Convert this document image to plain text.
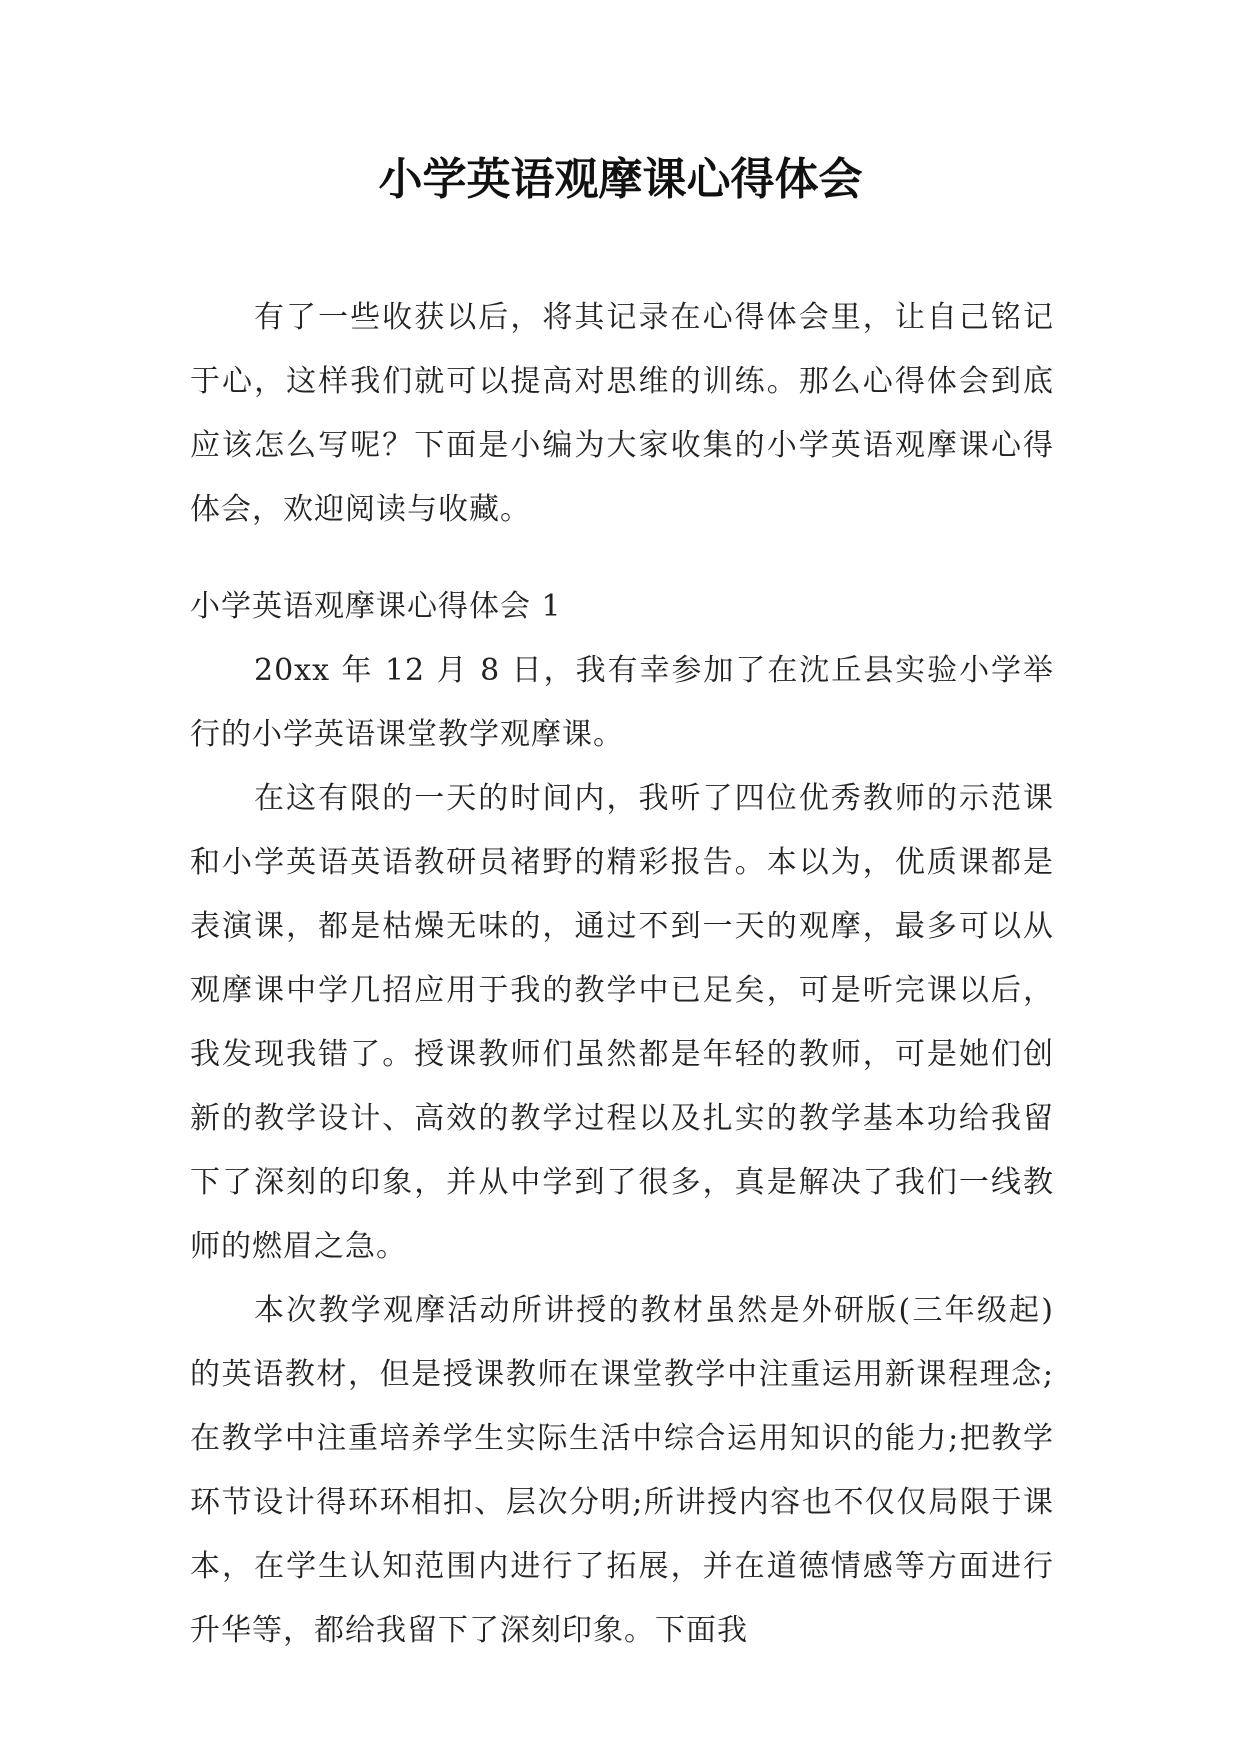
小学英语观摩课心得体会

有了一些收获以后，将其记录在心得体会里，让自己铭记于心，这样我们就可以提高对思维的训练。那么心得体会到底应该怎么写呢？下面是小编为大家收集的小学英语观摩课心得体会，欢迎阅读与收藏。

小学英语观摩课心得体会 1

20xx 年 12 月 8 日，我有幸参加了在沈丘县实验小学举行的小学英语课堂教学观摩课。

在这有限的一天的时间内，我听了四位优秀教师的示范课和小学英语英语教研员褚野的精彩报告。本以为，优质课都是表演课，都是枯燥无味的，通过不到一天的观摩，最多可以从观摩课中学几招应用于我的教学中已足矣，可是听完课以后，我发现我错了。授课教师们虽然都是年轻的教师，可是她们创新的教学设计、高效的教学过程以及扎实的教学基本功给我留下了深刻的印象，并从中学到了很多，真是解决了我们一线教师的燃眉之急。

本次教学观摩活动所讲授的教材虽然是外研版(三年级起)的英语教材，但是授课教师在课堂教学中注重运用新课程理念;在教学中注重培养学生实际生活中综合运用知识的能力;把教学环节设计得环环相扣、层次分明;所讲授内容也不仅仅局限于课本，在学生认知范围内进行了拓展，并在道德情感等方面进行升华等，都给我留下了深刻印象。下面我
